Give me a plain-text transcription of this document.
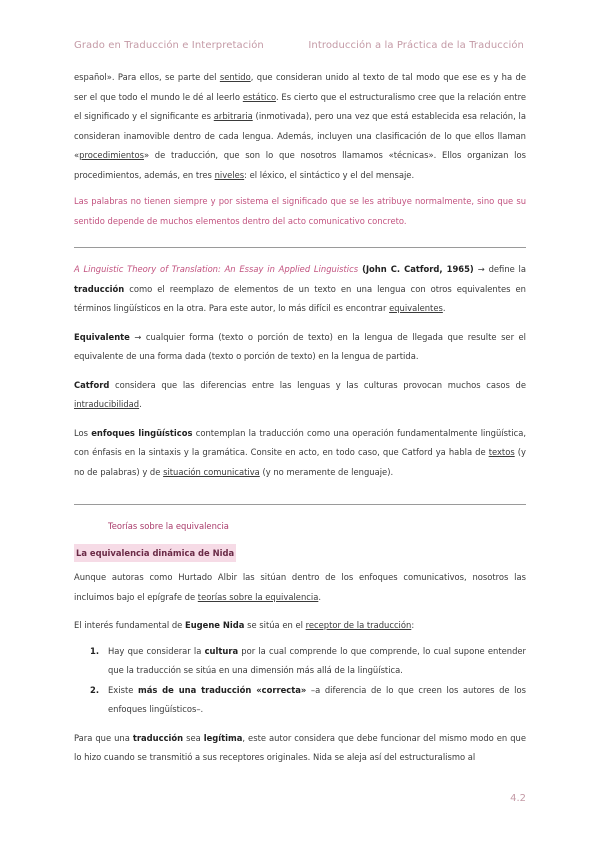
Grado en Traducción e Interpretación	Introducción a la Práctica de la Traducción

español». Para ellos, se parte del sentido, que consideran unido al texto de tal modo que ese es y ha de ser el que todo el mundo le dé al leerlo estático. Es cierto que el estructuralismo cree que la relación entre el significado y el significante es arbitraria (inmotivada), pero una vez que está establecida esa relación, la consideran inamovible dentro de cada lengua. Además, incluyen una clasificación de lo que ellos llaman «procedimientos» de traducción, que son lo que nosotros llamamos «técnicas». Ellos organizan los procedimientos, además, en tres niveles: el léxico, el sintáctico y el del mensaje.

Las palabras no tienen siempre y por sistema el significado que se les atribuye normalmente, sino que su sentido depende de muchos elementos dentro del acto comunicativo concreto.

A Linguistic Theory of Translation: An Essay in Applied Linguistics (John C. Catford, 1965) → define la traducción como el reemplazo de elementos de un texto en una lengua con otros equivalentes en términos lingüísticos en la otra. Para este autor, lo más difícil es encontrar equivalentes.

Equivalente → cualquier forma (texto o porción de texto) en la lengua de llegada que resulte ser el equivalente de una forma dada (texto o porción de texto) en la lengua de partida.

Catford considera que las diferencias entre las lenguas y las culturas provocan muchos casos de intraducibilidad.

Los enfoques lingüísticos contemplan la traducción como una operación fundamentalmente lingüística, con énfasis en la sintaxis y la gramática. Consite en acto, en todo caso, que Catford ya habla de textos (y no de palabras) y de situación comunicativa (y no meramente de lenguaje).

Teorías sobre la equivalencia
La equivalencia dinámica de Nida

Aunque autoras como Hurtado Albir las sitúan dentro de los enfoques comunicativos, nosotros las incluimos bajo el epígrafe de teorías sobre la equivalencia.

El interés fundamental de Eugene Nida se sitúa en el receptor de la traducción:

1. Hay que considerar la cultura por la cual comprende lo que comprende, lo cual supone entender que la traducción se sitúa en una dimensión más allá de la lingüística.
2. Existe más de una traducción «correcta» –a diferencia de lo que creen los autores de los enfoques lingüísticos–.

Para que una traducción sea legítima, este autor considera que debe funcionar del mismo modo en que lo hizo cuando se transmitió a sus receptores originales. Nida se aleja así del estructuralismo al

4.2
